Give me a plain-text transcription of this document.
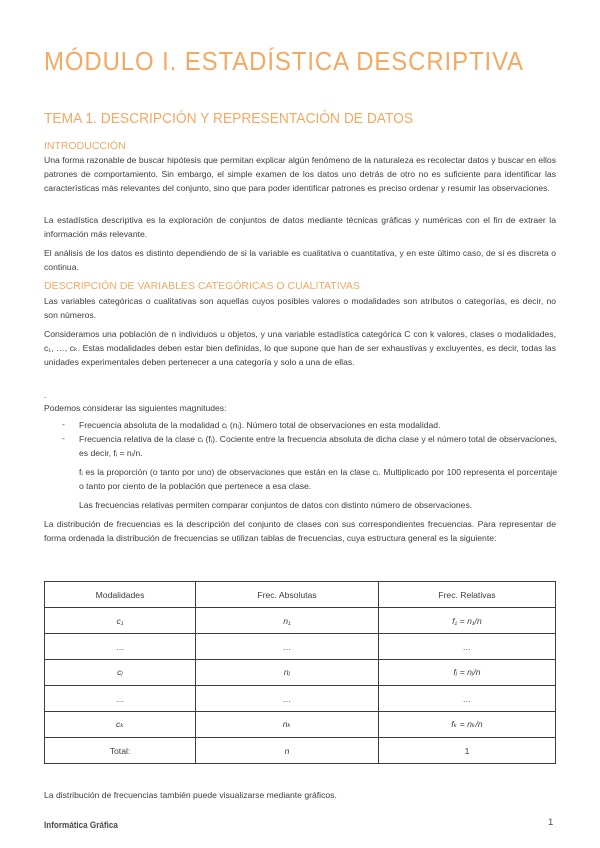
MÓDULO I. ESTADÍSTICA DESCRIPTIVA
TEMA 1. DESCRIPCIÓN Y REPRESENTACIÓN DE DATOS
INTRODUCCIÓN

Una forma razonable de buscar hipótesis que permitan explicar algún fenómeno de la naturaleza es recolectar datos y buscar en ellos patrones de comportamiento. Sin embargo, el simple examen de los datos uno detrás de otro no es suficiente para identificar las características más relevantes del conjunto, sino que para poder identificar patrones es preciso ordenar y resumir las observaciones.

La estadística descriptiva es la exploración de conjuntos de datos mediante técnicas gráficas y numéricas con el fin de extraer la información más relevante.

El análisis de los datos es distinto dependiendo de si la variable es cualitativa o cuantitativa, y en este último caso, de si es discreta o continua.

DESCRIPCIÓN DE VARIABLES CATEGÓRICAS O CUALITATIVAS

Las variables categóricas o cualitativas son aquellas cuyos posibles valores o modalidades son atributos o categorías, es decir, no son números.

Consideramos una población de n individuos u objetos, y una variable estadística categórica C con k valores, clases o modalidades, c₁, …, cₖ. Estas modalidades deben estar bien definidas, lo que supone que han de ser exhaustivas y excluyentes, es decir, todas las unidades experimentales deben pertenecer a una categoría y solo a una de ellas.

.

Podemos considerar las siguientes magnitudes:

- Frecuencia absoluta de la modalidad cᵢ (nᵢ). Número total de observaciones en esta modalidad.

- Frecuencia relativa de la clase cᵢ (fᵢ). Cociente entre la frecuencia absoluta de dicha clase y el número total de observaciones, es decir, fᵢ = nᵢ/n.

fᵢ es la proporción (o tanto por uno) de observaciones que están en la clase cᵢ. Multiplicado por 100 representa el porcentaje o tanto por ciento de la población que pertenece a esa clase.

Las frecuencias relativas permiten comparar conjuntos de datos con distinto número de observaciones.

La distribución de frecuencias es la descripción del conjunto de clases con sus correspondientes frecuencias. Para representar de forma ordenada la distribución de frecuencias se utilizan tablas de frecuencias, cuya estructura general es la siguiente:

Modalidades	Frec. Absolutas	Frec. Relativas
c₁	n₁	f₁ = n₁/n
…	…	…
cⱼ	nⱼ	fⱼ = nⱼ/n
…	…	…
cₖ	nₖ	fₖ = nₖ/n
Total:	n	1

La distribución de frecuencias también puede visualizarse mediante gráficos.

Informática Gráfica	1
